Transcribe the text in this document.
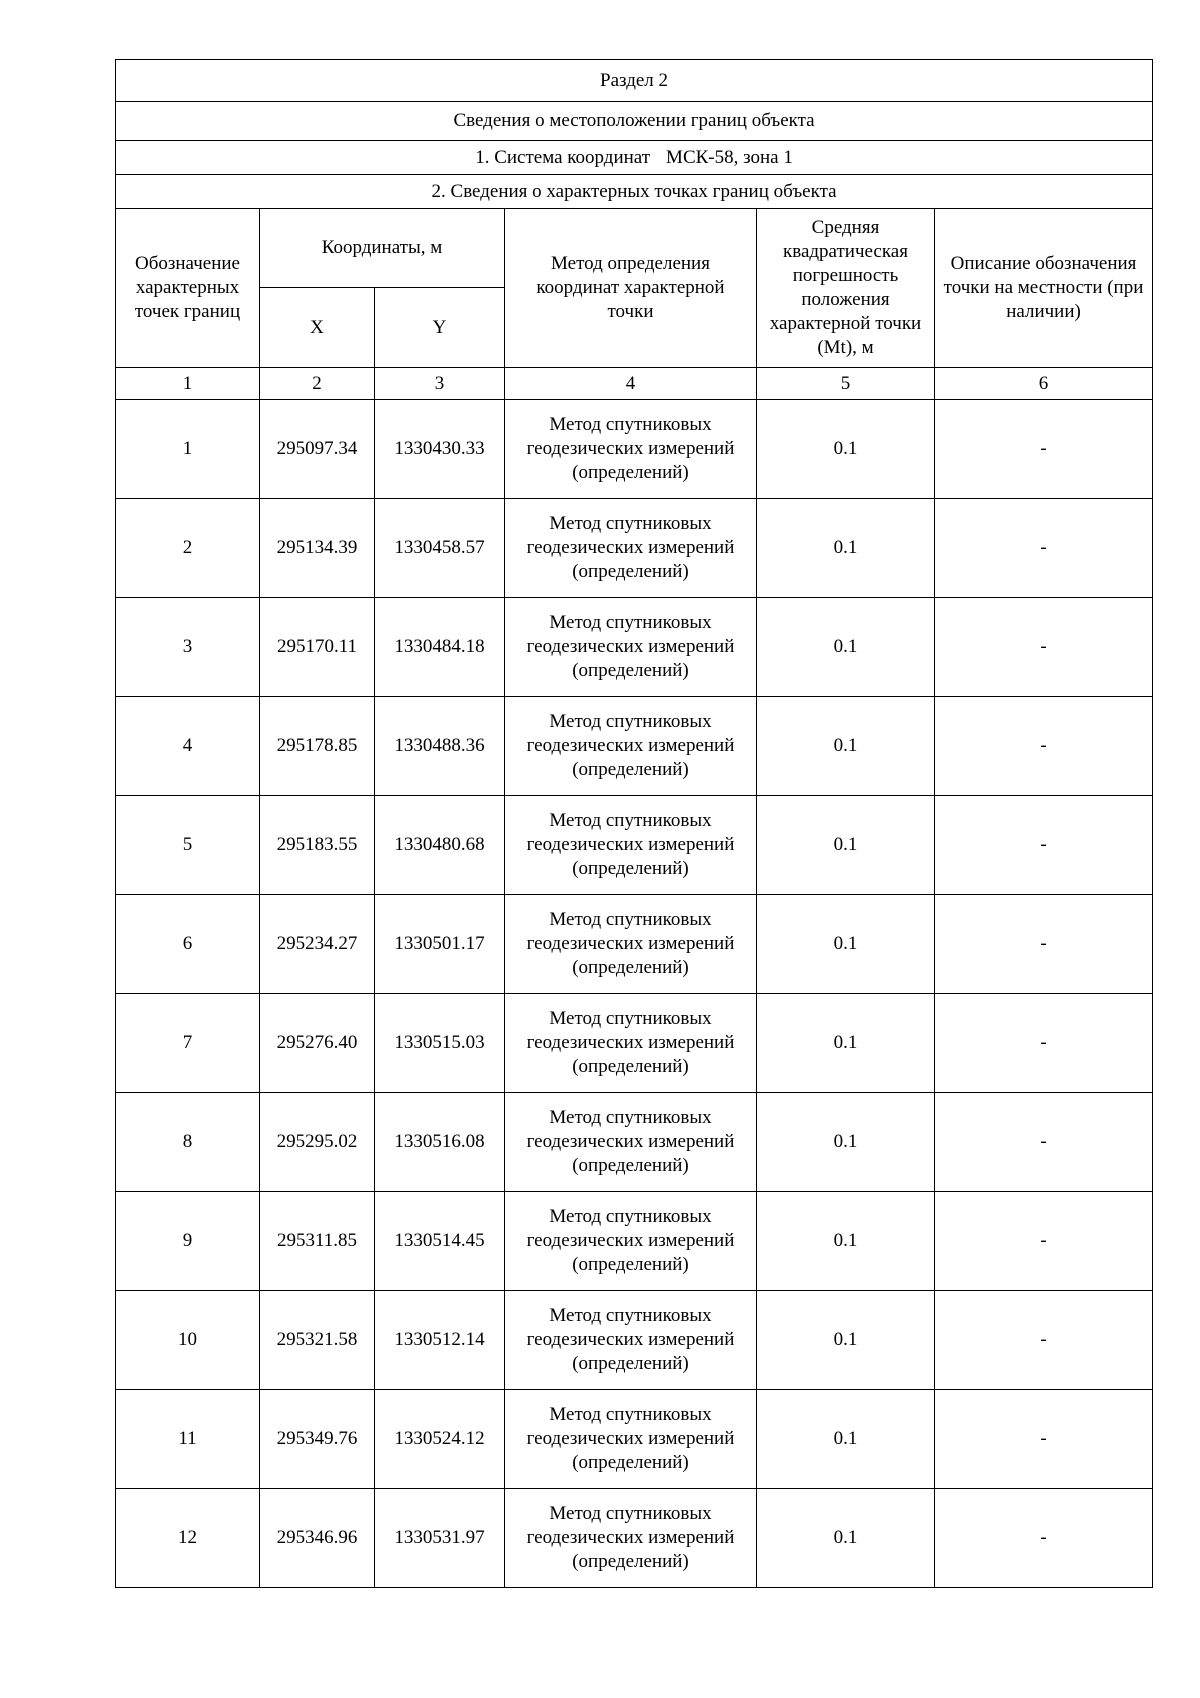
Раздел 2					
Сведения о местоположении границ объекта					
1. Система координат МСК-58, зона 1					
2. Сведения о характерных точках границ объекта					
Обозначение характерных точек границ	Координаты, м		Метод определения координат характерной точки	Средняя квадратическая погрешность положения характерной точки (Mt), м	Описание обозначения точки на местности (при наличии)
	X	Y			
1	2	3	4	5	6
1	295097.34	1330430.33	Метод спутниковых геодезических измерений (определений)	0.1	-
2	295134.39	1330458.57	Метод спутниковых геодезических измерений (определений)	0.1	-
3	295170.11	1330484.18	Метод спутниковых геодезических измерений (определений)	0.1	-
4	295178.85	1330488.36	Метод спутниковых геодезических измерений (определений)	0.1	-
5	295183.55	1330480.68	Метод спутниковых геодезических измерений (определений)	0.1	-
6	295234.27	1330501.17	Метод спутниковых геодезических измерений (определений)	0.1	-
7	295276.40	1330515.03	Метод спутниковых геодезических измерений (определений)	0.1	-
8	295295.02	1330516.08	Метод спутниковых геодезических измерений (определений)	0.1	-
9	295311.85	1330514.45	Метод спутниковых геодезических измерений (определений)	0.1	-
10	295321.58	1330512.14	Метод спутниковых геодезических измерений (определений)	0.1	-
11	295349.76	1330524.12	Метод спутниковых геодезических измерений (определений)	0.1	-
12	295346.96	1330531.97	Метод спутниковых геодезических измерений (определений)	0.1	-
